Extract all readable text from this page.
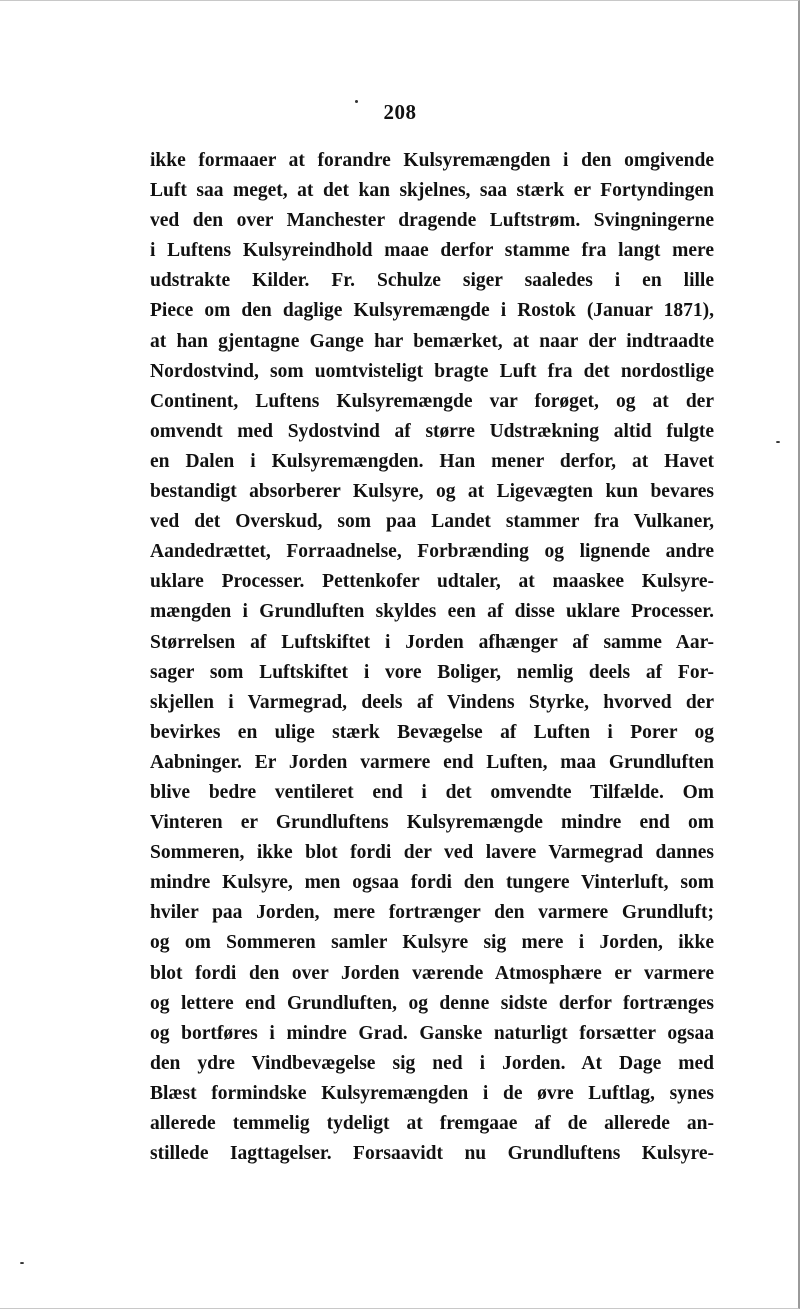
208
ikke formaaer at forandre Kulsyremængden i den omgivende
Luft saa meget, at det kan skjelnes, saa stærk er Fortyndingen
ved den over Manchester dragende Luftstrøm. Svingningerne
i Luftens Kulsyreindhold maae derfor stamme fra langt mere
udstrakte Kilder. Fr. Schulze siger saaledes i en lille
Piece om den daglige Kulsyremængde i Rostok (Januar 1871),
at han gjentagne Gange har bemærket, at naar der indtraadte
Nordostvind, som uomtvisteligt bragte Luft fra det nordostlige
Continent, Luftens Kulsyremængde var forøget, og at der
omvendt med Sydostvind af større Udstrækning altid fulgte
en Dalen i Kulsyremængden. Han mener derfor, at Havet
bestandigt absorberer Kulsyre, og at Ligevægten kun bevares
ved det Overskud, som paa Landet stammer fra Vulkaner,
Aandedrættet, Forraadnelse, Forbrænding og lignende andre
uklare Processer. Pettenkofer udtaler, at maaskee Kulsyre-
mængden i Grundluften skyldes een af disse uklare Processer.
Størrelsen af Luftskiftet i Jorden afhænger af samme Aar-
sager som Luftskiftet i vore Boliger, nemlig deels af For-
skjellen i Varmegrad, deels af Vindens Styrke, hvorved der
bevirkes en ulige stærk Bevægelse af Luften i Porer og
Aabninger. Er Jorden varmere end Luften, maa Grundluften
blive bedre ventileret end i det omvendte Tilfælde. Om
Vinteren er Grundluftens Kulsyremængde mindre end om
Sommeren, ikke blot fordi der ved lavere Varmegrad dannes
mindre Kulsyre, men ogsaa fordi den tungere Vinterluft, som
hviler paa Jorden, mere fortrænger den varmere Grundluft;
og om Sommeren samler Kulsyre sig mere i Jorden, ikke
blot fordi den over Jorden værende Atmosphære er varmere
og lettere end Grundluften, og denne sidste derfor fortrænges
og bortføres i mindre Grad. Ganske naturligt forsætter ogsaa
den ydre Vindbevægelse sig ned i Jorden. At Dage med
Blæst formindske Kulsyremængden i de øvre Luftlag, synes
allerede temmelig tydeligt at fremgaae af de allerede an-
stillede Iagttagelser. Forsaavidt nu Grundluftens Kulsyre-
